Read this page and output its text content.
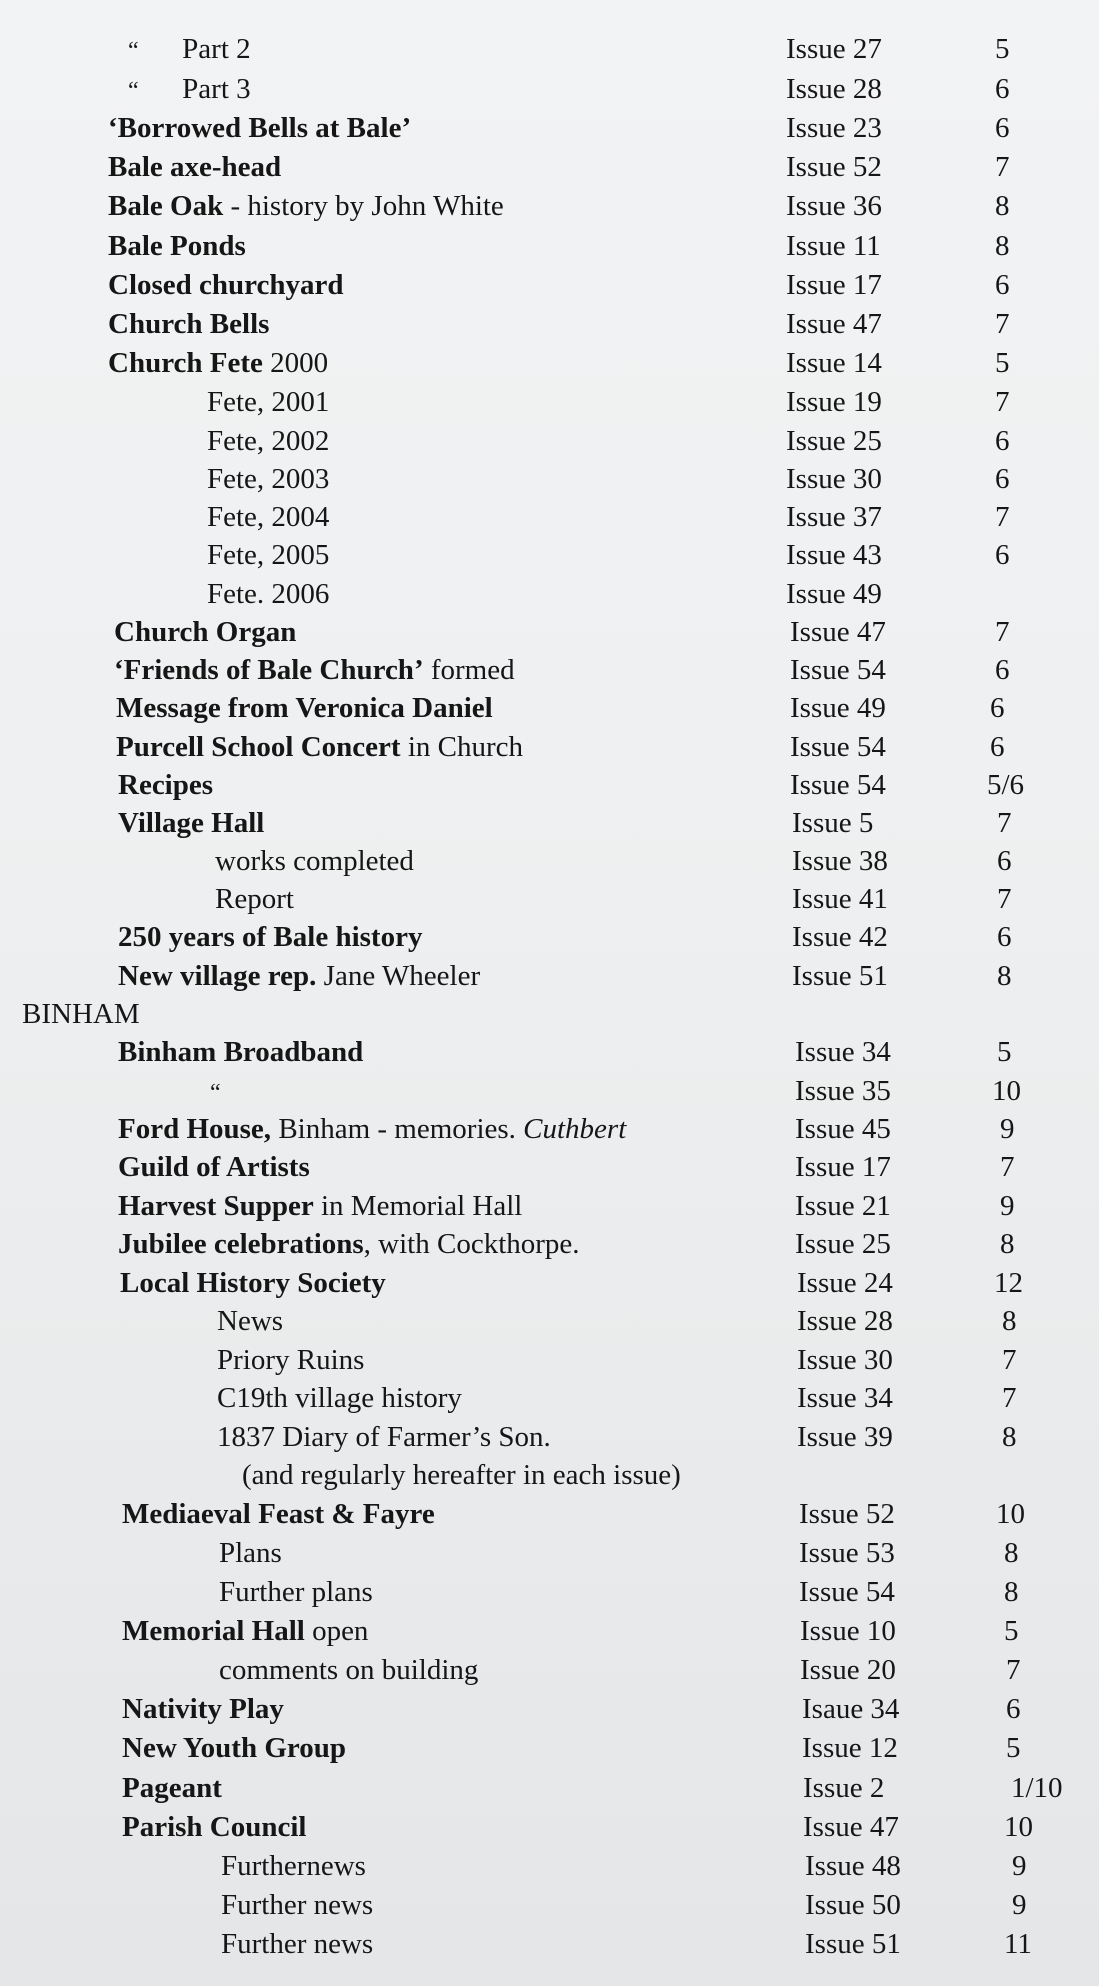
“      Part 2	Issue 27	5
“      Part 3	Issue 28	6
‘Borrowed Bells at Bale’	Issue 23	6
Bale axe-head	Issue 52	7
Bale Oak - history by John White	Issue 36	8
Bale Ponds	Issue 11	8
Closed churchyard	Issue 17	6
Church Bells	Issue 47	7
Church Fete 2000	Issue 14	5
Fete, 2001	Issue 19	7
Fete, 2002	Issue 25	6
Fete, 2003	Issue 30	6
Fete, 2004	Issue 37	7
Fete, 2005	Issue 43	6
Fete. 2006	Issue 49
Church Organ	Issue 47	7
‘Friends of Bale Church’ formed	Issue 54	6
Message from Veronica Daniel	Issue 49	6
Purcell School Concert in Church	Issue 54	6
Recipes	Issue 54	5/6
Village Hall	Issue 5	7
works completed	Issue 38	6
Report	Issue 41	7
250 years of Bale history	Issue 42	6
New village rep. Jane Wheeler	Issue 51	8
BINHAM
Binham Broadband	Issue 34	5
“	Issue 35	10
Ford House, Binham - memories. Cuthbert	Issue 45	9
Guild of Artists	Issue 17	7
Harvest Supper in Memorial Hall	Issue 21	9
Jubilee celebrations, with Cockthorpe.	Issue 25	8
Local History Society	Issue 24	12
News	Issue 28	8
Priory Ruins	Issue 30	7
C19th village history	Issue 34	7
1837 Diary of Farmer’s Son.	Issue 39	8
(and regularly hereafter in each issue)
Mediaeval Feast & Fayre	Issue 52	10
Plans	Issue 53	8
Further plans	Issue 54	8
Memorial Hall open	Issue 10	5
comments on building	Issue 20	7
Nativity Play	Isaue 34	6
New Youth Group	Issue 12	5
Pageant	Issue 2	1/10
Parish Council	Issue 47	10
Furthernews	Issue 48	9
Further news	Issue 50	9
Further news	Issue 51	11
